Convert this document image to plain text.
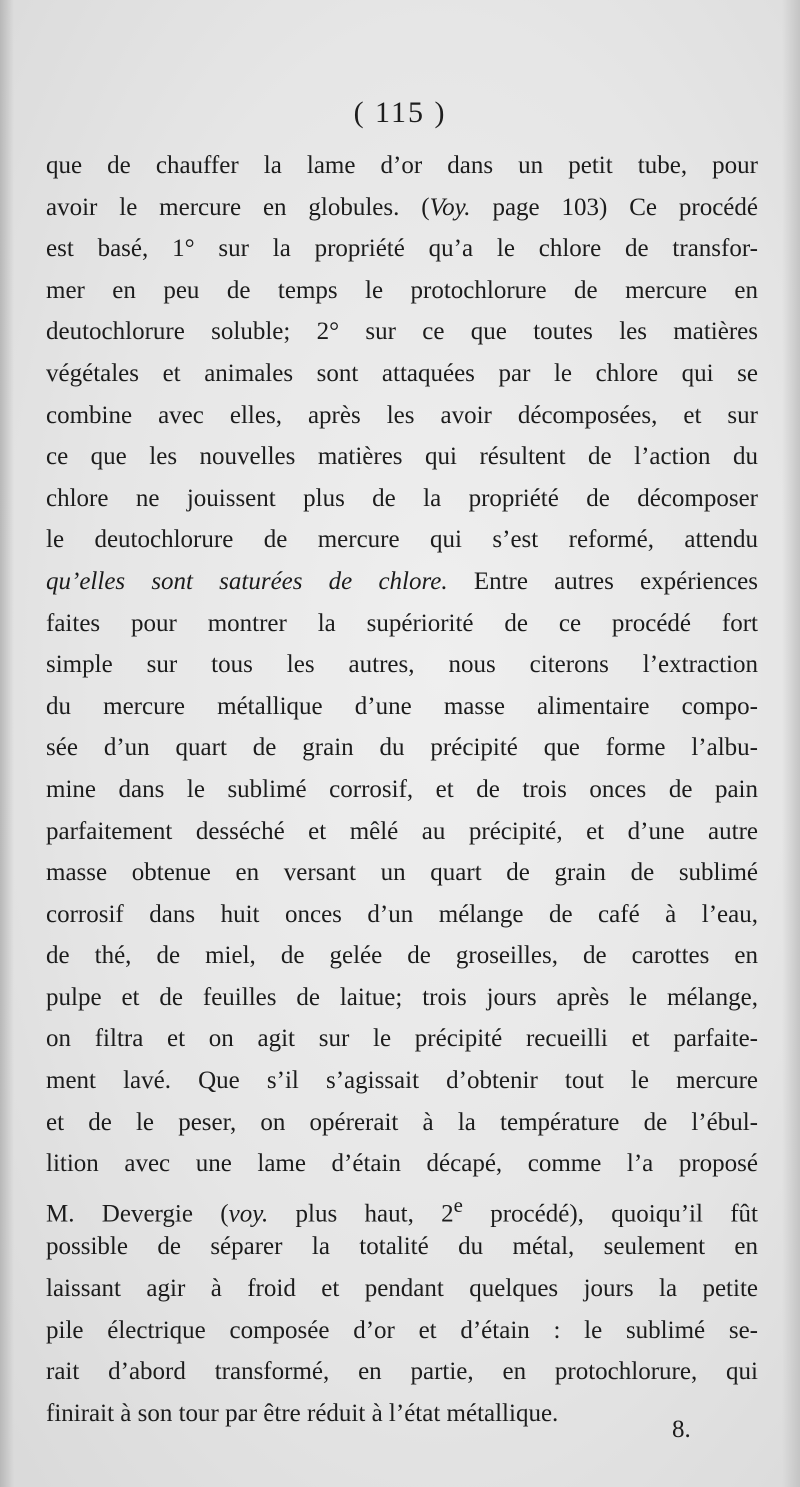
( 115 )
que de chauffer la lame d’or dans un petit tube, pour
avoir le mercure en globules. (Voy. page 103) Ce procédé
est basé, 1° sur la propriété qu’a le chlore de transfor-
mer en peu de temps le protochlorure de mercure en
deutochlorure soluble; 2° sur ce que toutes les matières
végétales et animales sont attaquées par le chlore qui se
combine avec elles, après les avoir décomposées, et sur
ce que les nouvelles matières qui résultent de l’action du
chlore ne jouissent plus de la propriété de décomposer
le deutochlorure de mercure qui s’est reformé, attendu
qu’elles sont saturées de chlore. Entre autres expériences
faites pour montrer la supériorité de ce procédé fort
simple sur tous les autres, nous citerons l’extraction
du mercure métallique d’une masse alimentaire compo-
sée d’un quart de grain du précipité que forme l’albu-
mine dans le sublimé corrosif, et de trois onces de pain
parfaitement desséché et mêlé au précipité, et d’une autre
masse obtenue en versant un quart de grain de sublimé
corrosif dans huit onces d’un mélange de café à l’eau,
de thé, de miel, de gelée de groseilles, de carottes en
pulpe et de feuilles de laitue; trois jours après le mélange,
on filtra et on agit sur le précipité recueilli et parfaite-
ment lavé. Que s’il s’agissait d’obtenir tout le mercure
et de le peser, on opérerait à la température de l’ébul-
lition avec une lame d’étain décapé, comme l’a proposé
M. Devergie (voy. plus haut, 2e procédé), quoiqu’il fût
possible de séparer la totalité du métal, seulement en
laissant agir à froid et pendant quelques jours la petite
pile électrique composée d’or et d’étain : le sublimé se-
rait d’abord transformé, en partie, en protochlorure, qui
finirait à son tour par être réduit à l’état métallique.
8.
